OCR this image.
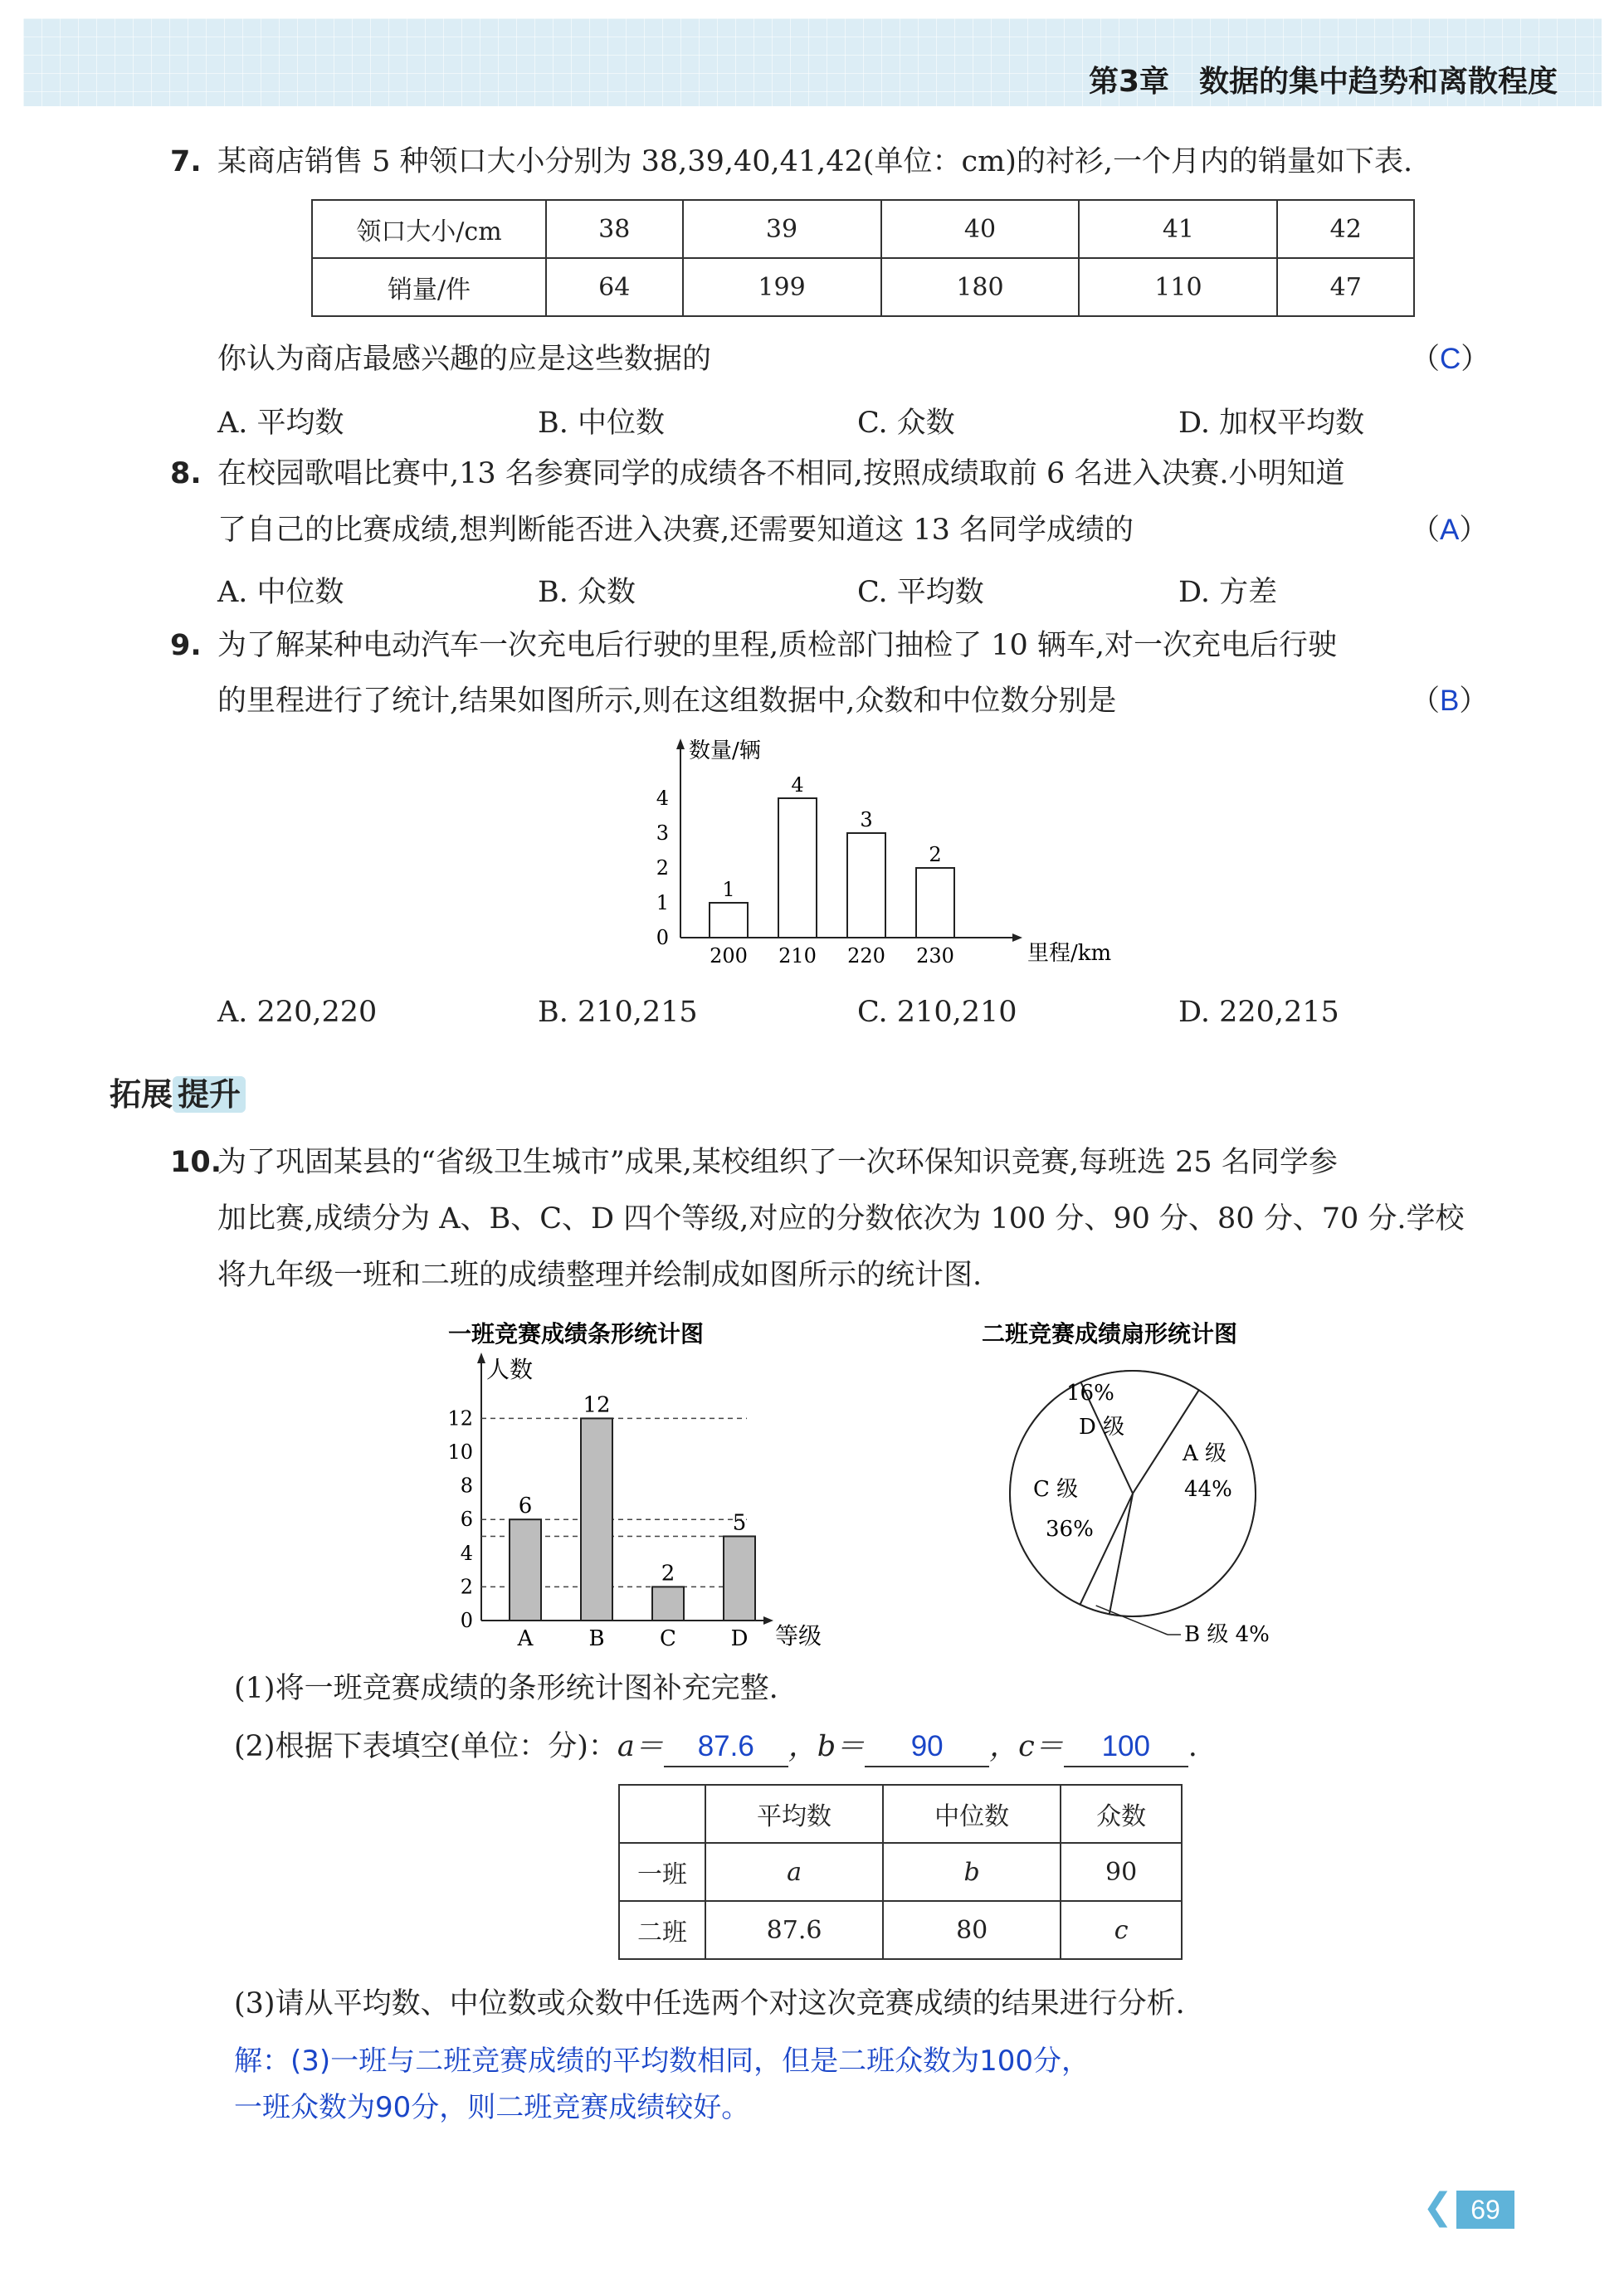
第3章　数据的集中趋势和离散程度
7. 某商店销售 5 种领口大小分别为 38,39,40,41,42(单位：cm)的衬衫,一个月内的销量如下表.
领口大小/cm	38	39	40	41	42
销量/件	64	199	180	110	47
你认为商店最感兴趣的应是这些数据的	（C）
A. 平均数	B. 中位数	C. 众数	D. 加权平均数
8. 在校园歌唱比赛中,13 名参赛同学的成绩各不相同,按照成绩取前 6 名进入决赛.小明知道
了自己的比赛成绩,想判断能否进入决赛,还需要知道这 13 名同学成绩的	（A）
A. 中位数	B. 众数	C. 平均数	D. 方差
9. 为了解某种电动汽车一次充电后行驶的里程,质检部门抽检了 10 辆车,对一次充电后行驶
的里程进行了统计,结果如图所示,则在这组数据中,众数和中位数分别是	（B）
数量/辆
里程/km
0
1
2
3
4
1
200
4
210
3
220
2
230
A. 220,220	B. 210,215	C. 210,210	D. 220,215
拓展 提升
10.
为了巩固某县的“省级卫生城市”成果,某校组织了一次环保知识竞赛,每班选 25 名同学参
加比赛,成绩分为 A、B、C、D 四个等级,对应的分数依次为 100 分、90 分、80 分、70 分.学校
将九年级一班和二班的成绩整理并绘制成如图所示的统计图.
一班竞赛成绩条形统计图
人数
等级
0
2
4
6
8
10
12
6
A
12
B
2
C
5
D
二班竞赛成绩扇形统计图
A 级
44%
C 级
36%
16%
D 级
B 级 4%
(1)将一班竞赛成绩的条形统计图补充完整.
(2)根据下表填空(单位：分)：a＝ 87.6 ，b＝ 90 ，c＝ 100 .
	平均数	中位数	众数
一班	a	b	90
二班	87.6	80	c
(3)请从平均数、中位数或众数中任选两个对这次竞赛成绩的结果进行分析.
解：(3)一班与二班竞赛成绩的平均数相同，但是二班众数为100分，
一班众数为90分，则二班竞赛成绩较好。
❮ 69
